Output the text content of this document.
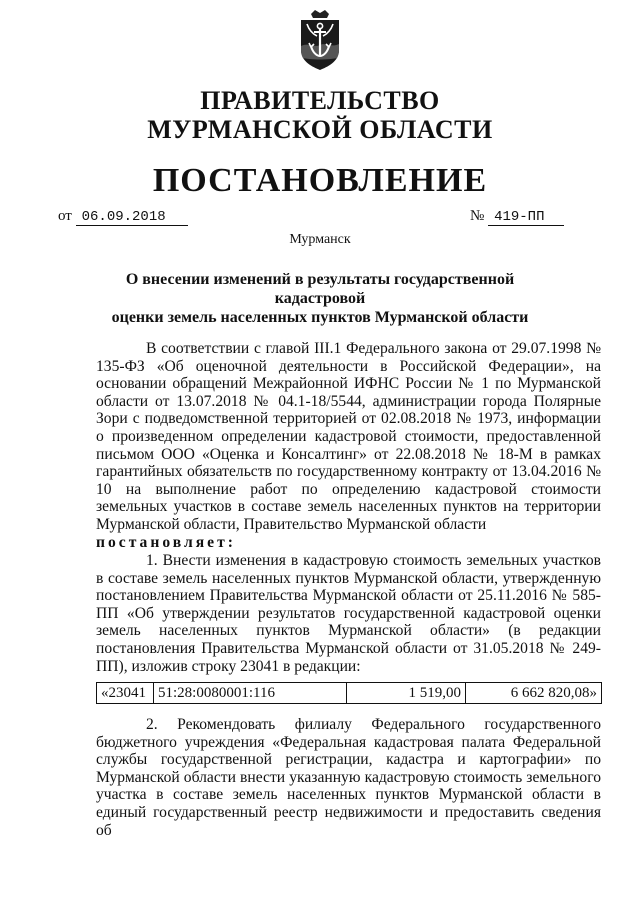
ПРАВИТЕЛЬСТВО
МУРМАНСКОЙ ОБЛАСТИ
ПОСТАНОВЛЕНИЕ
от 06.09.2018	№ 419-ПП
Мурманск
О внесении изменений в результаты государственной кадастровой
оценки земель населенных пунктов Мурманской области
В соответствии с главой III.1 Федерального закона от 29.07.1998 № 135-ФЗ «Об оценочной деятельности в Российской Федерации», на основании обращений Межрайонной ИФНС России № 1 по Мурманской области от 13.07.2018 № 04.1-18/5544, администрации города Полярные Зори с подведомственной территорией от 02.08.2018 № 1973, информации о произведенном определении кадастровой стоимости, предоставленной письмом ООО «Оценка и Консалтинг» от 22.08.2018 № 18-М в рамках гарантийных обязательств по государственному контракту от 13.04.2016 № 10 на выполнение работ по определению кадастровой стоимости земельных участков в составе земель населенных пунктов на территории Мурманской области, Правительство Мурманской области
постановляет:
1. Внести изменения в кадастровую стоимость земельных участков в составе земель населенных пунктов Мурманской области, утвержденную постановлением Правительства Мурманской области от 25.11.2016 № 585-ПП «Об утверждении результатов государственной кадастровой оценки земель населенных пунктов Мурманской области» (в редакции постановления Правительства Мурманской области от 31.05.2018 № 249-ПП), изложив строку 23041 в редакции:
«23041	51:28:0080001:116	1 519,00	6 662 820,08»
2. Рекомендовать филиалу Федерального государственного бюджетного учреждения «Федеральная кадастровая палата Федеральной службы государственной регистрации, кадастра и картографии» по Мурманской области внести указанную кадастровую стоимость земельного участка в составе земель населенных пунктов Мурманской области в единый государственный реестр недвижимости и предоставить сведения об
